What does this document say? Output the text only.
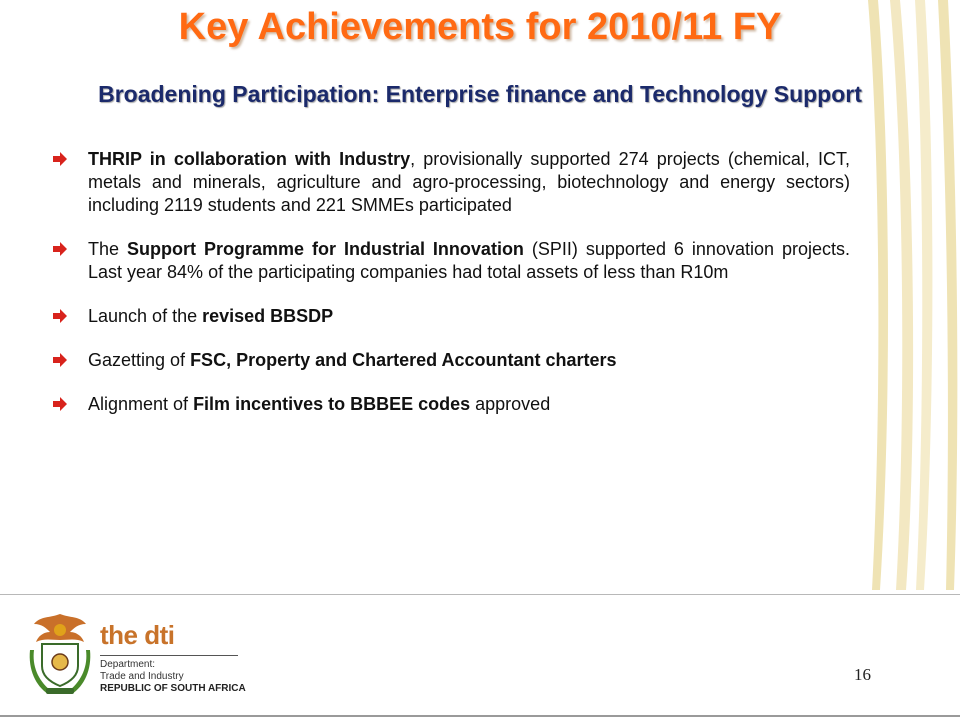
Key Achievements for 2010/11 FY
Broadening Participation: Enterprise finance and Technology Support
THRIP in collaboration with Industry, provisionally supported 274 projects (chemical, ICT, metals and minerals, agriculture and agro-processing, biotechnology and energy sectors) including 2119 students and 221 SMMEs participated
The Support Programme for Industrial Innovation (SPII) supported 6 innovation projects. Last year 84% of the participating companies had total assets of less than R10m
Launch of the revised BBSDP
Gazetting of FSC, Property and Chartered Accountant charters
Alignment of Film incentives to BBBEE codes approved
the dti
Department:
Trade and Industry
REPUBLIC OF SOUTH AFRICA
16
